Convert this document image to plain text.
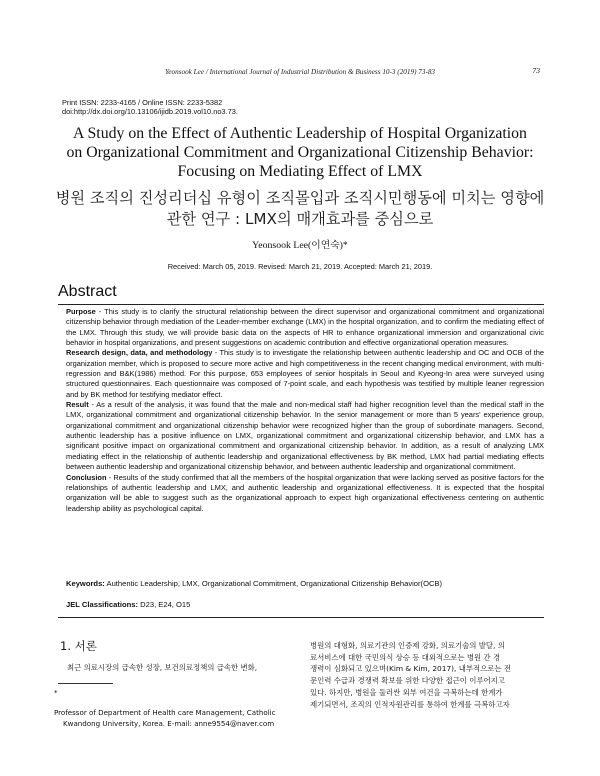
Yeonsook Lee / International Journal of Industrial Distribution & Business 10-3 (2019) 73-83	73
Print ISSN: 2233-4165 / Online ISSN: 2233-5382
doi:http://dx.doi.org/10.13106/ijidb.2019.vol10.no3.73.
A Study on the Effect of Authentic Leadership of Hospital Organization
on Organizational Commitment and Organizational Citizenship Behavior:
Focusing on Mediating Effect of LMX
병원 조직의 진성리더십 유형이 조직몰입과 조직시민행동에 미치는 영향에
관한 연구 : LMX의 매개효과를 중심으로
Yeonsook Lee(이연숙)*
Received: March 05, 2019. Revised: March 21, 2019. Accepted: March 21, 2019.
Abstract

Purpose - This study is to clarify the structural relationship between the direct supervisor and organizational commitment and organizational citizenship behavior through mediation of the Leader-member exchange (LMX) in the hospital organization, and to confirm the mediating effect of the LMX. Through this study, we will provide basic data on the aspects of HR to enhance organizational immersion and organizational civic behavior in hospital organizations, and present suggestions on academic contribution and effective organizational operation measures.

Research design, data, and methodology - This study is to investigate the relationship between authentic leadership and OC and OCB of the organization member, which is proposed to secure more active and high competitiveness in the recent changing medical environment, with multi-regression and B&K(1986) method. For this purpose, 653 employees of senior hospitals in Seoul and Kyeong-In area were surveyed using structured questionnaires. Each questionnaire was composed of 7-point scale, and each hypothesis was testified by multiple leaner regression and by BK method for testifying mediator effect.

Result - As a result of the analysis, it was found that the male and non-medical staff had higher recognition level than the medical staff in the LMX, organizational commitment and organizational citizenship behavior. In the senior management or more than 5 years' experience group, organizational commitment and organizational citizenship behavior were recognized higher than the group of subordinate managers. Second, authentic leadership has a positive influence on LMX, organizational commitment and organizational citizenship behavior, and LMX has a significant positive impact on organizational commitment and organizational citizenship behavior. In addition, as a result of analyzing LMX mediating effect in the relationship of authentic leadership and organizational effectiveness by BK method, LMX had partial mediating effects between authentic leadership and organizational citizenship behavior, and between authentic leadership and organizational commitment.

Conclusion - Results of the study confirmed that all the members of the hospital organization that were lacking served as positive factors for the relationships of authentic leadership and LMX, and authentic leadership and organizational effectiveness. It is expected that the hospital organization will be able to suggest such as the organizational approach to expect high organizational effectiveness centering on authentic leadership ability as psychological capital.

Keywords: Authentic Leadership, LMX, Organizational Commitment, Organizational Citizenship Behavior(OCB)
JEL Classifications: D23, E24, O15
1. 서론
최근 의료시장의 급속한 성장, 보건의료정책의 급속한 변화,
*

Professor of Department of Health care Management, Catholic
Kwandong University, Korea. E-mail: anne9554@naver.com
병원의 대형화, 의료기관의 인증제 강화, 의료기술의 발달, 의
료서비스에 대한 국민의식 상승 등 대외적으로는 병원 간 경
쟁력이 심화되고 있으며(Kim & Kim, 2017), 내부적으로는 전
문인력 수급과 경쟁력 확보를 위한 다양한 접근이 이루어지고
있다. 하지만, 병원을 둘러싼 외부 여건을 극복하는데 한계가
제기되면서, 조직의 인적자원관리를 통하여 한계를 극복하고자
